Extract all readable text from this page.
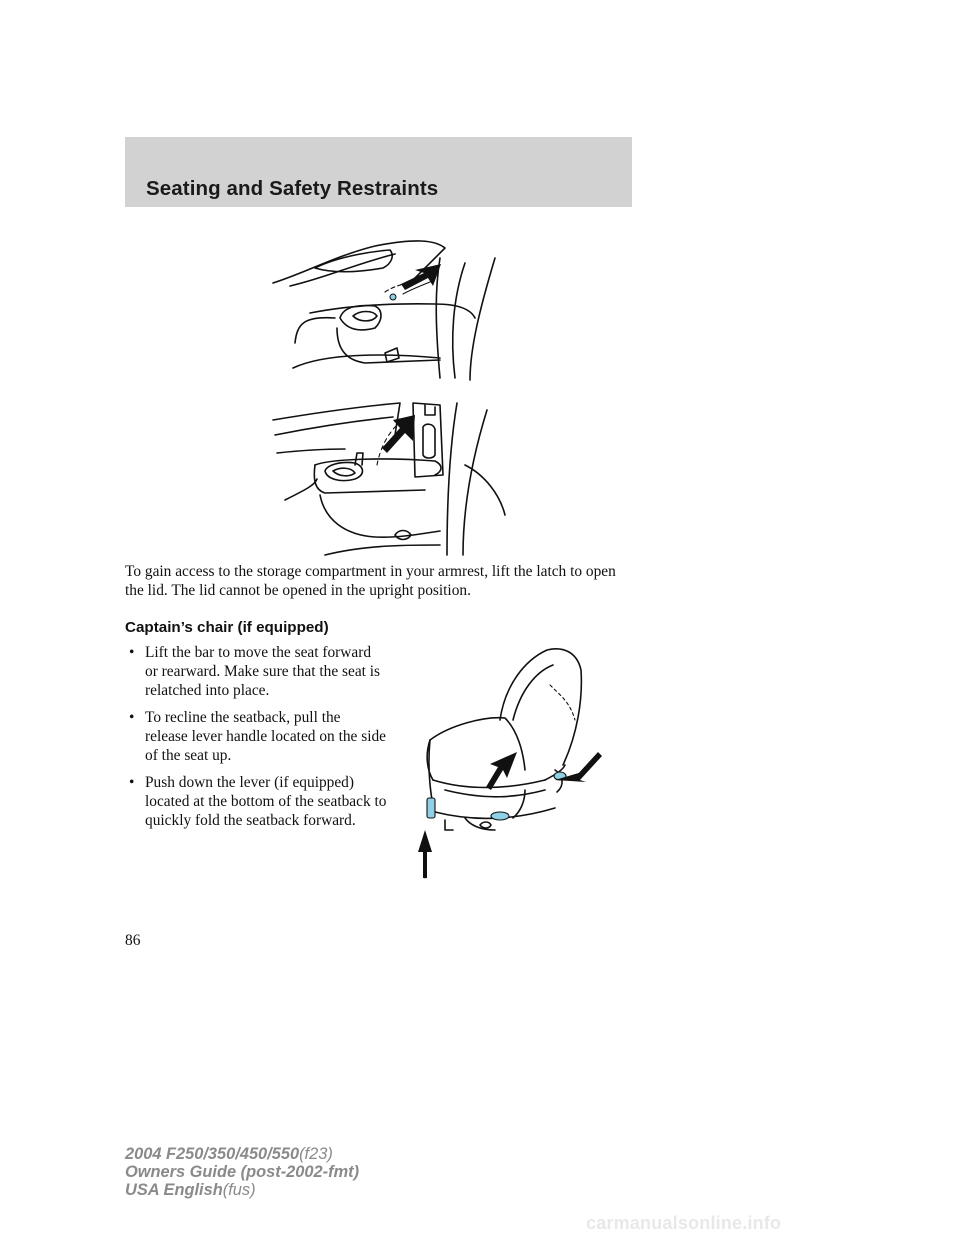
Seating and Safety Restraints

To gain access to the storage compartment in your armrest, lift the latch to open the lid. The lid cannot be opened in the upright position.

Captain’s chair (if equipped)
• Lift the bar to move the seat forward or rearward. Make sure that the seat is relatched into place.
• To recline the seatback, pull the release lever handle located on the side of the seat up.
• Push down the lever (if equipped) located at the bottom of the seatback to quickly fold the seatback forward.

86

2004 F250/350/450/550(f23)
Owners Guide (post-2002-fmt)
USA English(fus)

carmanualsonline.info
